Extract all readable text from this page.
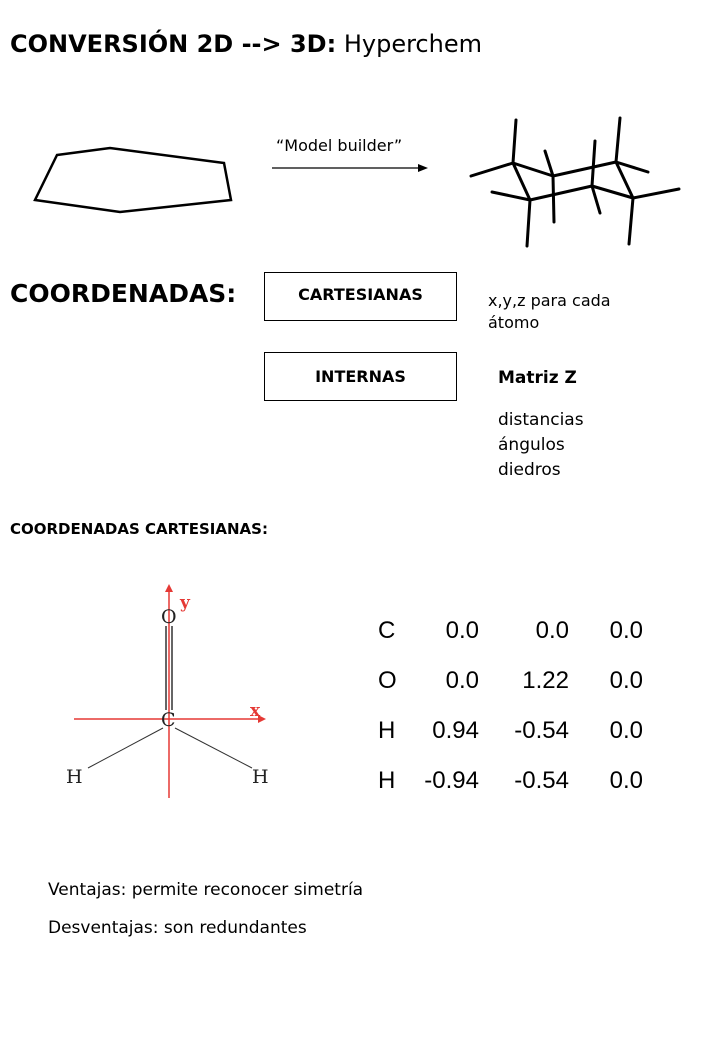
CONVERSIÓN 2D --> 3D: Hyperchem
“Model builder”
COORDENADAS:	CARTESIANAS	x,y,z para cada átomo
INTERNAS	Matriz Z
distancias
ángulos
diedros
COORDENADAS CARTESIANAS:
x
y
O
C
H	H
C	0.0	0.0	0.0
O	0.0	1.22	0.0
H	0.94	-0.54	0.0
H	-0.94	-0.54	0.0
Ventajas: permite reconocer simetría
Desventajas: son redundantes
